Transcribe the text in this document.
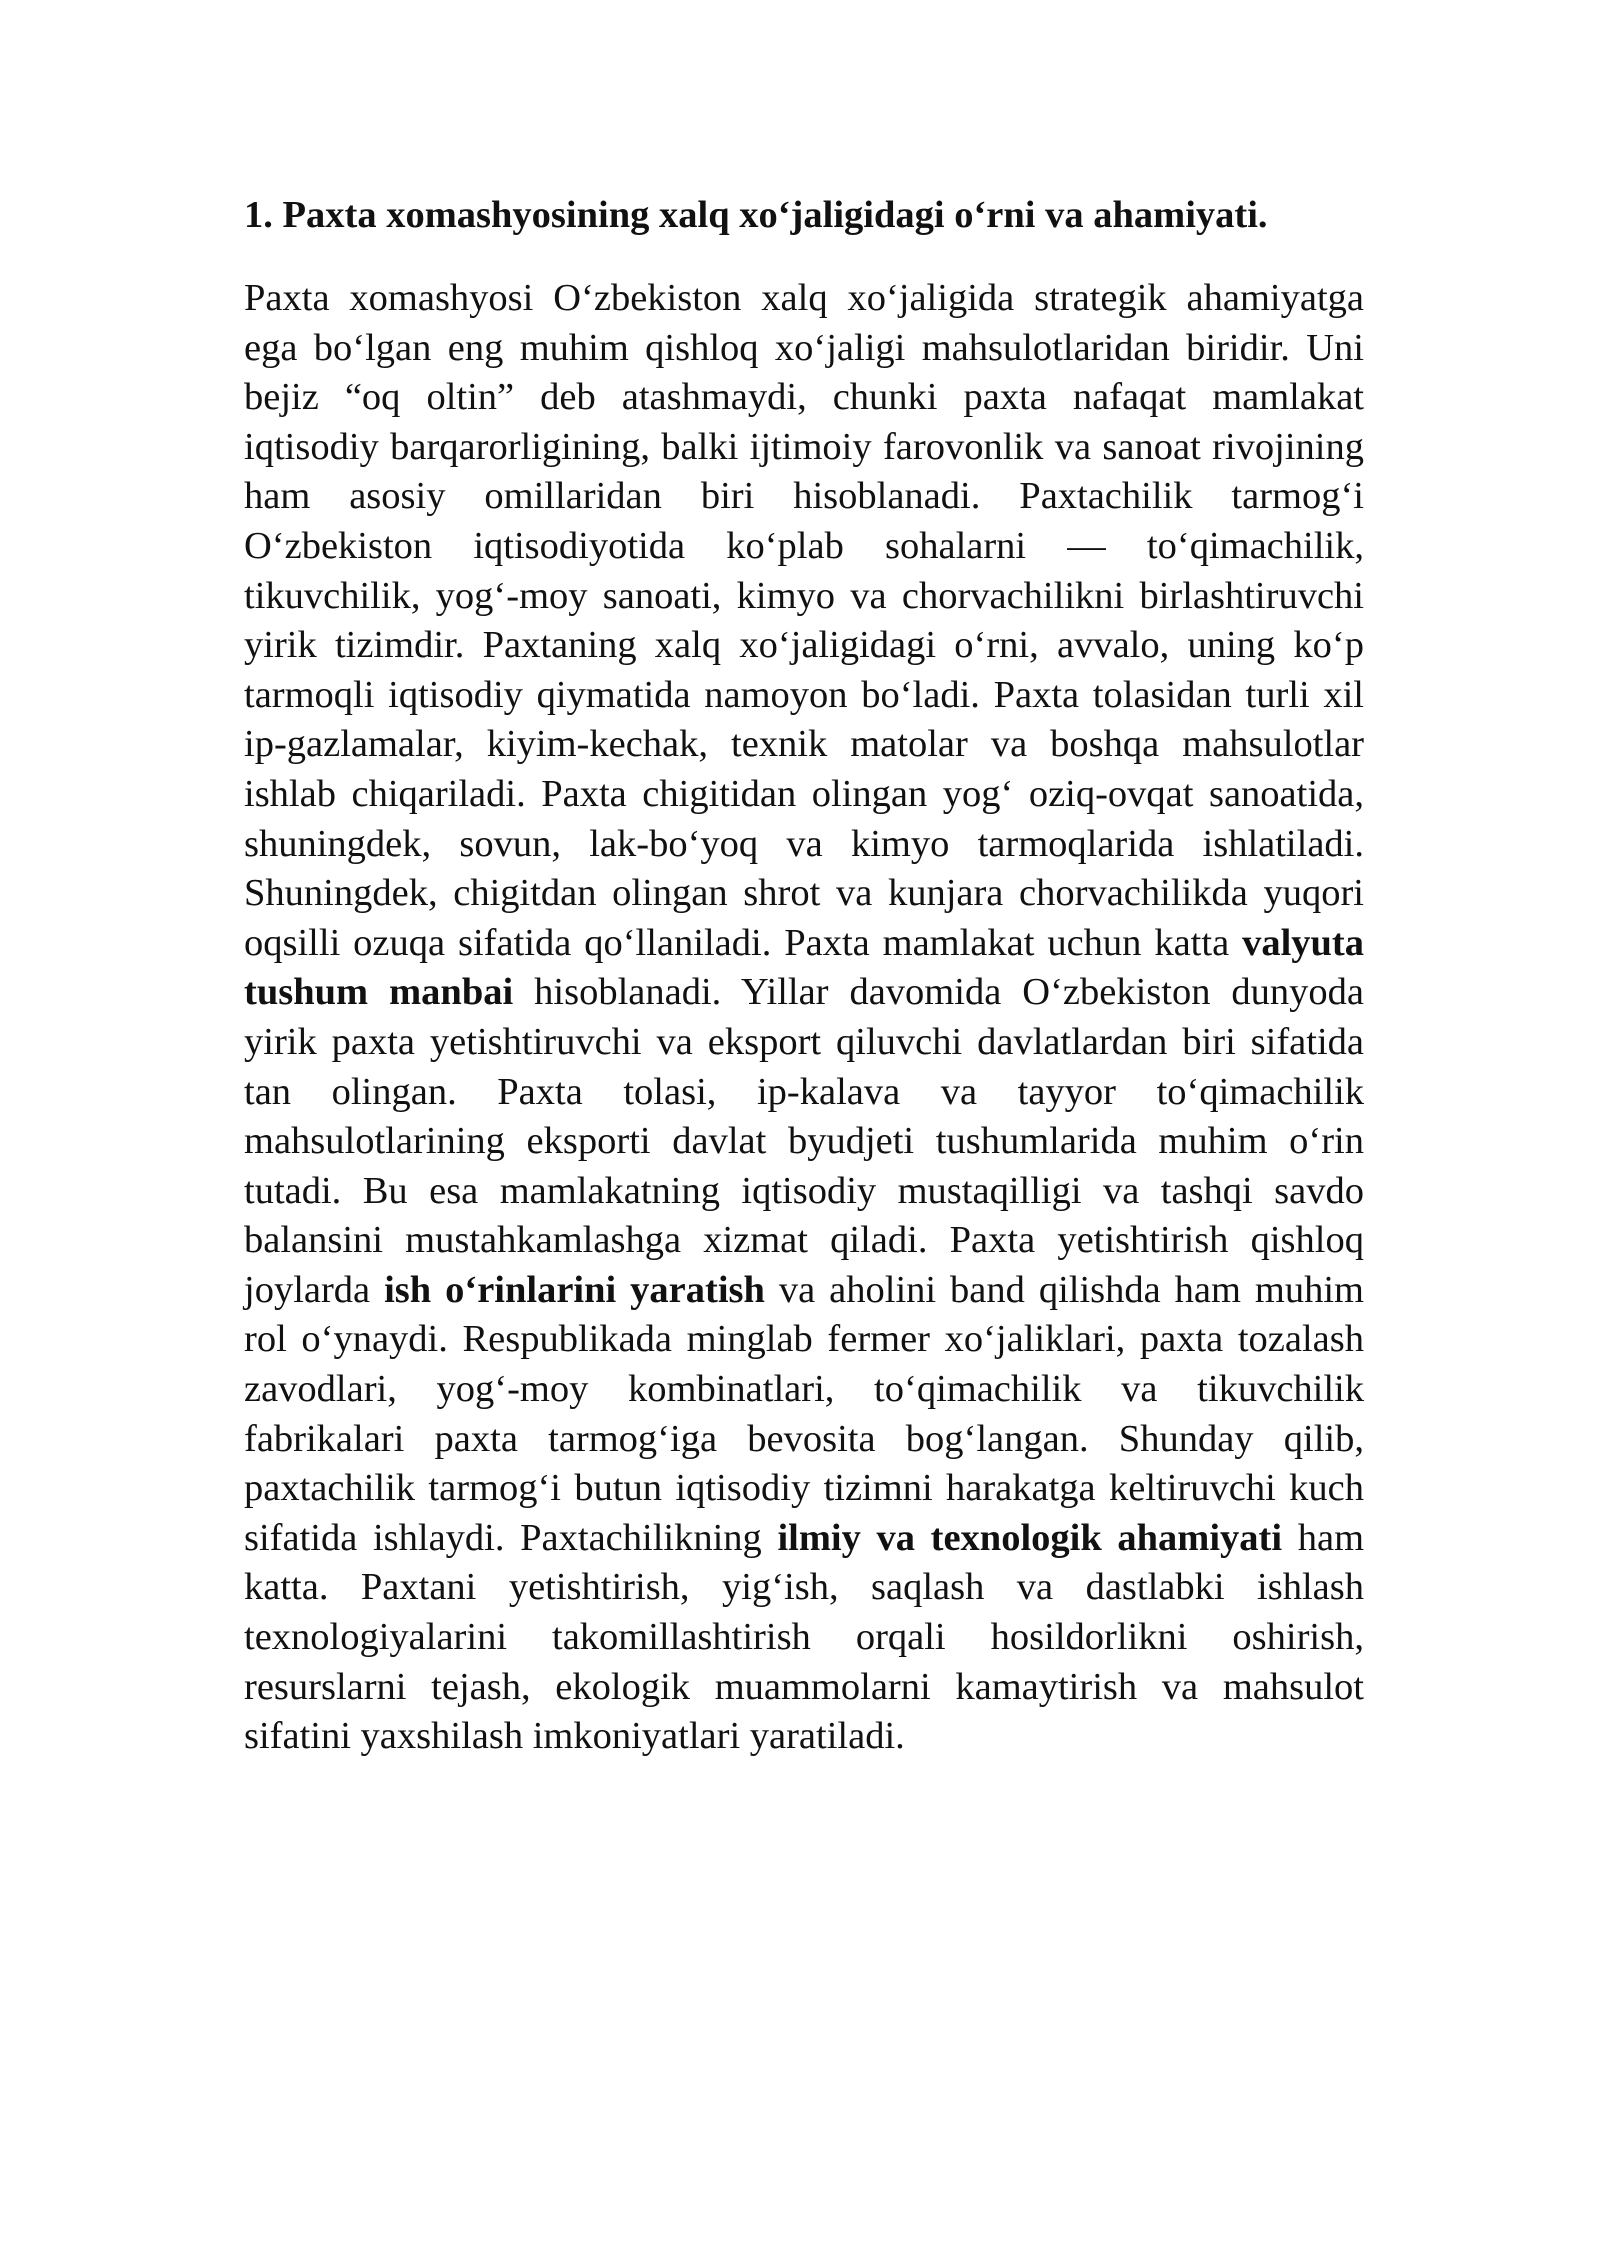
1. Paxta xomashyosining xalq xo‘jaligidagi o‘rni va ahamiyati.

Paxta xomashyosi O‘zbekiston xalq xo‘jaligida strategik ahamiyatga ega bo‘lgan eng muhim qishloq xo‘jaligi mahsulotlaridan biridir. Uni bejiz “oq oltin” deb atashmaydi, chunki paxta nafaqat mamlakat iqtisodiy barqarorligining, balki ijtimoiy farovonlik va sanoat rivojining ham asosiy omillaridan biri hisoblanadi. Paxtachilik tarmog‘i O‘zbekiston iqtisodiyotida ko‘plab sohalarni — to‘qimachilik, tikuvchilik, yog‘-moy sanoati, kimyo va chorvachilikni birlashtiruvchi yirik tizimdir. Paxtaning xalq xo‘jaligidagi o‘rni, avvalo, uning ko‘p tarmoqli iqtisodiy qiymatida namoyon bo‘ladi. Paxta tolasidan turli xil ip-gazlamalar, kiyim-kechak, texnik matolar va boshqa mahsulotlar ishlab chiqariladi. Paxta chigitidan olingan yog‘ oziq-ovqat sanoatida, shuningdek, sovun, lak-bo‘yoq va kimyo tarmoqlarida ishlatiladi. Shuningdek, chigitdan olingan shrot va kunjara chorvachilikda yuqori oqsilli ozuqa sifatida qo‘llaniladi. Paxta mamlakat uchun katta valyuta tushum manbai hisoblanadi. Yillar davomida O‘zbekiston dunyoda yirik paxta yetishtiruvchi va eksport qiluvchi davlatlardan biri sifatida tan olingan. Paxta tolasi, ip-kalava va tayyor to‘qimachilik mahsulotlarining eksporti davlat byudjeti tushumlarida muhim o‘rin tutadi. Bu esa mamlakatning iqtisodiy mustaqilligi va tashqi savdo balansini mustahkamlashga xizmat qiladi. Paxta yetishtirish qishloq joylarda ish o‘rinlarini yaratish va aholini band qilishda ham muhim rol o‘ynaydi. Respublikada minglab fermer xo‘jaliklari, paxta tozalash zavodlari, yog‘-moy kombinatlari, to‘qimachilik va tikuvchilik fabrikalari paxta tarmog‘iga bevosita bog‘langan. Shunday qilib, paxtachilik tarmog‘i butun iqtisodiy tizimni harakatga keltiruvchi kuch sifatida ishlaydi. Paxtachilikning ilmiy va texnologik ahamiyati ham katta. Paxtani yetishtirish, yig‘ish, saqlash va dastlabki ishlash texnologiyalarini takomillashtirish orqali hosildorlikni oshirish, resurslarni tejash, ekologik muammolarni kamaytirish va mahsulot sifatini yaxshilash imkoniyatlari yaratiladi.
